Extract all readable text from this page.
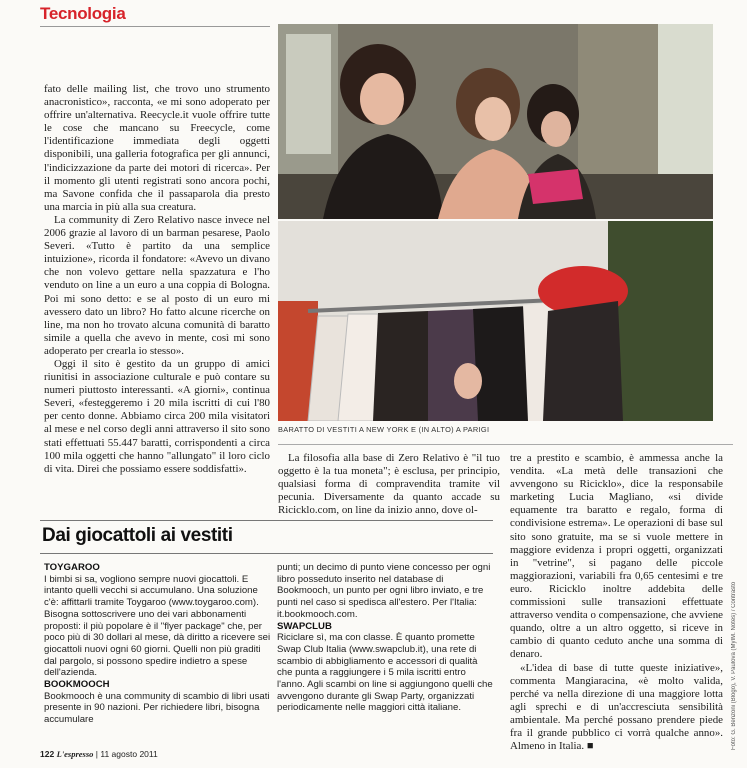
Tecnologia

fato delle mailing list, che trovo uno strumento anacronistico», racconta, «e mi sono adoperato per offrire un'alternativa. Reecycle.it vuole offrire tutte le cose che mancano su Freecycle, come l'identificazione immediata degli oggetti disponibili, una galleria fotografica per gli annunci, l'indicizzazione da parte dei motori di ricerca». Per il momento gli utenti registrati sono ancora pochi, ma Savone confida che il passaparola dia presto una marcia in più alla sua creatura.

La community di Zero Relativo nasce invece nel 2006 grazie al lavoro di un barman pesarese, Paolo Severi. «Tutto è partito da una semplice intuizione», ricorda il fondatore: «Avevo un divano che non volevo gettare nella spazzatura e l'ho venduto on line a un euro a una coppia di Bologna. Poi mi sono detto: e se al posto di un euro mi avessero dato un libro? Ho fatto alcune ricerche on line, ma non ho trovato alcuna comunità di baratto simile a quella che avevo in mente, così mi sono adoperato per crearla io stesso».

Oggi il sito è gestito da un gruppo di amici riunitisi in associazione culturale e può contare su numeri piuttosto interessanti. «A giorni», continua Severi, «festeggeremo i 20 mila iscritti di cui l'80 per cento donne. Abbiamo circa 200 mila visitatori al mese e nel corso degli anni attraverso il sito sono stati effettuati 55.447 baratti, corrispondenti a circa 100 mila oggetti che hanno "allungato" il loro ciclo di vita. Direi che possiamo essere soddisfatti».

BARATTO DI VESTITI A NEW YORK E (IN ALTO) A PARIGI
Foto: G. Benzoni (Blogo), V. Paulova (MyIM. Notes) / Contrasto

La filosofia alla base di Zero Relativo è "il tuo oggetto è la tua moneta"; è esclusa, per principio, qualsiasi forma di compravendita tramite vil pecunia. Diversamente da quanto accade su Ricicklo.com, on line da inizio anno, dove ol-

tre a prestito e scambio, è ammessa anche la vendita. «La metà delle transazioni che avvengono su Ricicklo», dice la responsabile marketing Lucia Magliano, «si divide equamente tra baratto e regalo, forma di condivisione estrema». Le operazioni di base sul sito sono gratuite, ma se si vuole mettere in maggiore evidenza i propri oggetti, organizzati in "vetrine", si pagano delle piccole maggiorazioni, variabili fra 0,65 centesimi e tre euro. Ricicklo inoltre addebita delle commissioni sulle transazioni effettuate attraverso vendita o compensazione, che avviene quando, oltre a un altro oggetto, si riceve in cambio di quanto ceduto anche una somma di denaro.

«L'idea di base di tutte queste iniziative», commenta Mangiaracina, «è molto valida, perché va nella direzione di una maggiore lotta agli sprechi e di un'accresciuta sensibilità ambientale. Ma perché possano prendere piede fra il grande pubblico ci vorrà qualche anno». Almeno in Italia. ■

Dai giocattoli ai vestiti
TOYGAROO
I bimbi si sa, vogliono sempre nuovi giocattoli. E intanto quelli vecchi si accumulano. Una soluzione c'è: affittarli tramite Toygaroo (www.toygaroo.com). Bisogna sottoscrivere uno dei vari abbonamenti proposti: il più popolare è il "flyer package" che, per poco più di 30 dollari al mese, dà diritto a ricevere sei giocattoli nuovi ogni 60 giorni. Quelli non più graditi dal pargolo, si possono spedire indietro a spese dell'azienda.
BOOKMOOCH
Bookmooch è una community di scambio di libri usati presente in 90 nazioni. Per richiedere libri, bisogna accumulare
punti; un decimo di punto viene concesso per ogni libro posseduto inserito nel database di Bookmooch, un punto per ogni libro inviato, e tre punti nel caso si spedisca all'estero. Per l'Italia: it.bookmooch.com.
SWAPCLUB
Riciclare sì, ma con classe. È quanto promette Swap Club Italia (www.swapclub.it), una rete di scambio di abbigliamento e accessori di qualità che punta a raggiungere i 5 mila iscritti entro l'anno. Agli scambi on line si aggiungono quelli che avvengono durante gli Swap Party, organizzati periodicamente nelle maggiori città italiane.
122 L'espresso | 11 agosto 2011
